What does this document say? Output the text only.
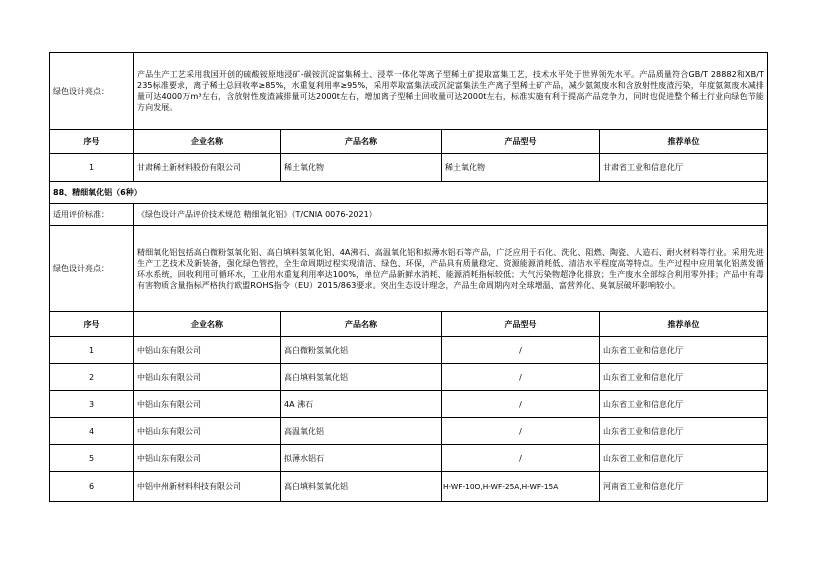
绿色设计亮点：	产品生产工艺采用我国开创的硫酸铵原地浸矿-碳铵沉淀富集稀土、浸萃一体化等离子型稀土矿提取富集工艺，技术水平处于世界领先水平。产品质量符合GB/T 28882和XB/T 235标准要求，离子稀土总回收率≥85%，水重复利用率≥95%，采用萃取富集法或沉淀富集法生产离子型稀土矿产品，减少氨氮废水和含放射性废渣污染，年度氨氮废水减排量可达4000万m³左右，含放射性废渣减排量可达2000t左右，增加离子型稀土回收量可达2000t左右，标准实施有利于提高产品竞争力，同时也促进整个稀土行业向绿色节能方向发展。			
序号	企业名称	产品名称	产品型号	推荐单位
1	甘肃稀土新材料股份有限公司	稀土氧化物	稀土氧化物	甘肃省工业和信息化厅
88、精细氧化铝（6种）				
适用评价标准：	《绿色设计产品评价技术规范 精细氧化铝》（T/CNIA 0076-2021）			
绿色设计亮点：	精细氧化铝包括高白微粉氢氧化铝、高白填料氢氧化铝、4A沸石、高温氧化铝和拟薄水铝石等产品，广泛应用于石化、洗化、阻燃、陶瓷、人造石、耐火材料等行业。采用先进生产工艺技术及新装备，强化绿色管控，全生命周期过程实现清洁、绿色、环保，产品具有质量稳定、资源能源消耗低、清洁水平程度高等特点。生产过程中应用氧化铝蒸发循环水系统，回收利用可循环水，工业用水重复利用率达100%，单位产品新鲜水消耗、能源消耗指标较低；大气污染物超净化排放；生产废水全部综合利用零外排；产品中有毒有害物质含量指标严格执行欧盟ROHS指令（EU）2015/863要求。突出生态设计理念，产品生命周期内对全球增温、富营养化、臭氧层破坏影响较小。			
序号	企业名称	产品名称	产品型号	推荐单位
1	中铝山东有限公司	高白微粉氢氧化铝	/	山东省工业和信息化厅
2	中铝山东有限公司	高白填料氢氧化铝	/	山东省工业和信息化厅
3	中铝山东有限公司	4A 沸石	/	山东省工业和信息化厅
4	中铝山东有限公司	高温氧化铝	/	山东省工业和信息化厅
5	中铝山东有限公司	拟薄水铝石	/	山东省工业和信息化厅
6	中铝中州新材料科技有限公司	高白填料氢氧化铝	H-WF-10O,H-WF-25A,H-WF-15A	河南省工业和信息化厅
